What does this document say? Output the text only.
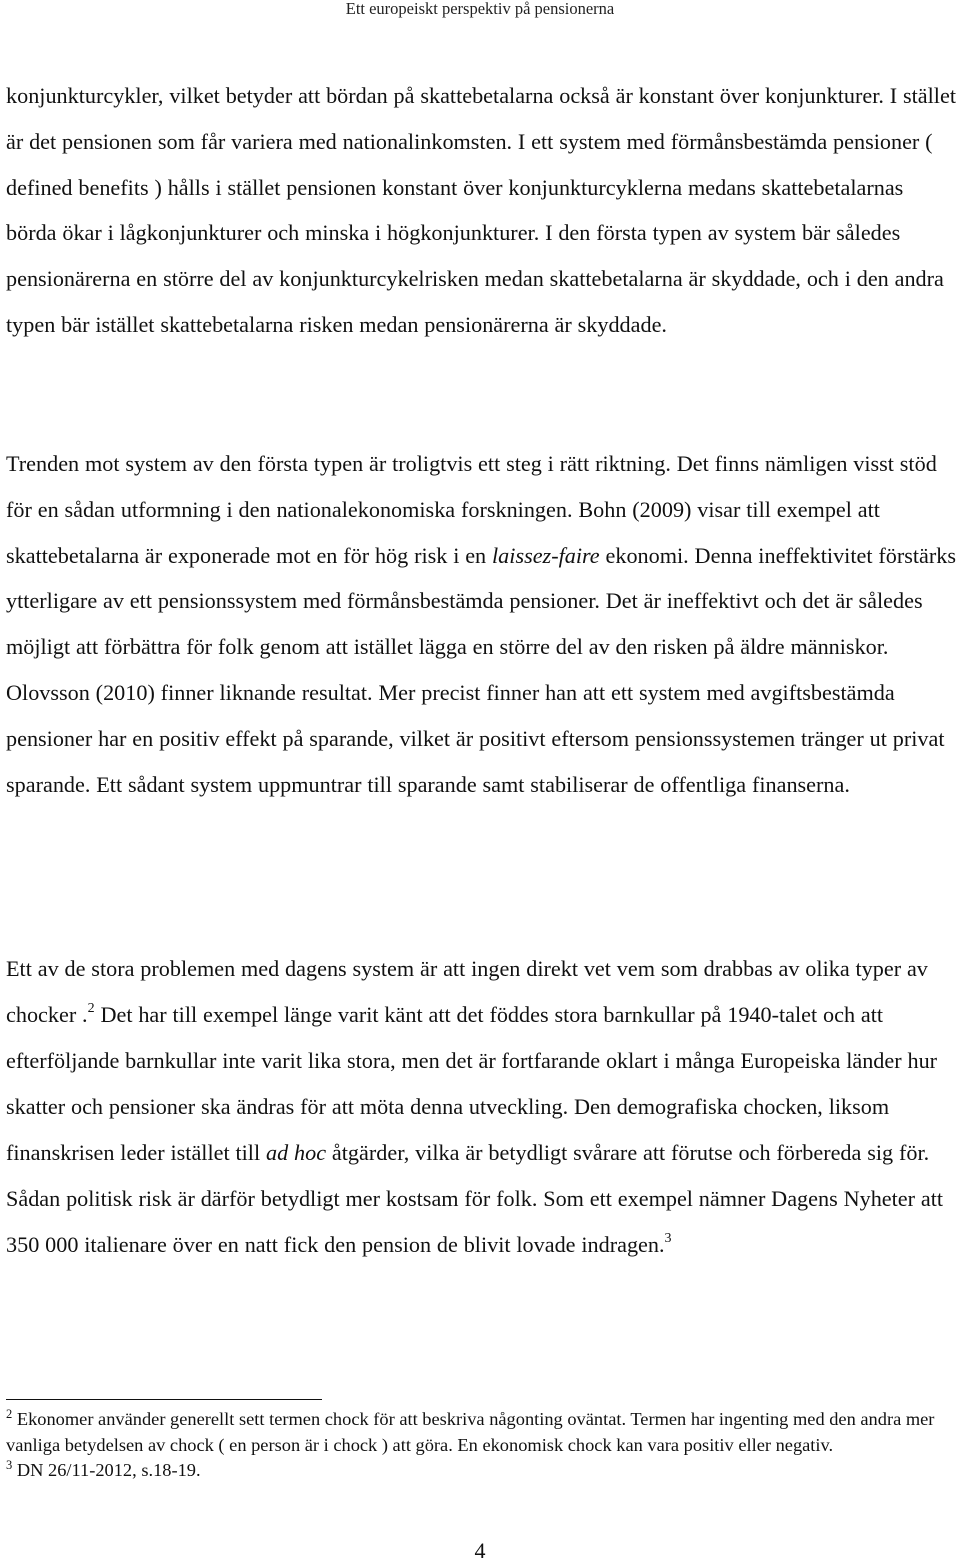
Ett europeiskt perspektiv på pensionerna

konjunkturcykler, vilket betyder att bördan på skattebetalarna också är konstant över konjunkturer. I stället är det pensionen som får variera med nationalinkomsten. I ett system med förmånsbestämda pensioner ( defined benefits ) hålls i stället pensionen konstant över konjunkturcyklerna medans skattebetalarnas börda ökar i lågkonjunkturer och minska i högkonjunkturer. I den första typen av system bär således pensionärerna en större del av konjunkturcykelrisken medan skattebetalarna är skyddade, och i den andra typen bär istället skattebetalarna risken medan pensionärerna är skyddade.

Trenden mot system av den första typen är troligtvis ett steg i rätt riktning. Det finns nämligen visst stöd för en sådan utformning i den nationalekonomiska forskningen. Bohn (2009) visar till exempel att skattebetalarna är exponerade mot en för hög risk i en laissez-faire ekonomi. Denna ineffektivitet förstärks ytterligare av ett pensionssystem med förmånsbestämda pensioner. Det är ineffektivt och det är således möjligt att förbättra för folk genom att istället lägga en större del av den risken på äldre människor. Olovsson (2010) finner liknande resultat. Mer precist finner han att ett system med avgiftsbestämda pensioner har en positiv effekt på sparande, vilket är positivt eftersom pensionssystemen tränger ut privat sparande. Ett sådant system uppmuntrar till sparande samt stabiliserar de offentliga finanserna.

Ett av de stora problemen med dagens system är att ingen direkt vet vem som drabbas av olika typer av chocker .$^2$ Det har till exempel länge varit känt att det föddes stora barnkullar på 1940-talet och att efterföljande barnkullar inte varit lika stora, men det är fortfarande oklart i många Europeiska länder hur skatter och pensioner ska ändras för att möta denna utveckling. Den demografiska chocken, liksom finanskrisen leder istället till ad hoc åtgärder, vilka är betydligt svårare att förutse och förbereda sig för. Sådan politisk risk är därför betydligt mer kostsam för folk. Som ett exempel nämner Dagens Nyheter att 350 000 italienare över en natt fick den pension de blivit lovade indragen.$^3$

$^2$ Ekonomer använder generellt sett termen chock för att beskriva någonting oväntat. Termen har ingenting med den andra mer vanliga betydelsen av chock ( en person är i chock ) att göra. En ekonomisk chock kan vara positiv eller negativ.

$^3$ DN 26/11-2012, s.18-19.

4
